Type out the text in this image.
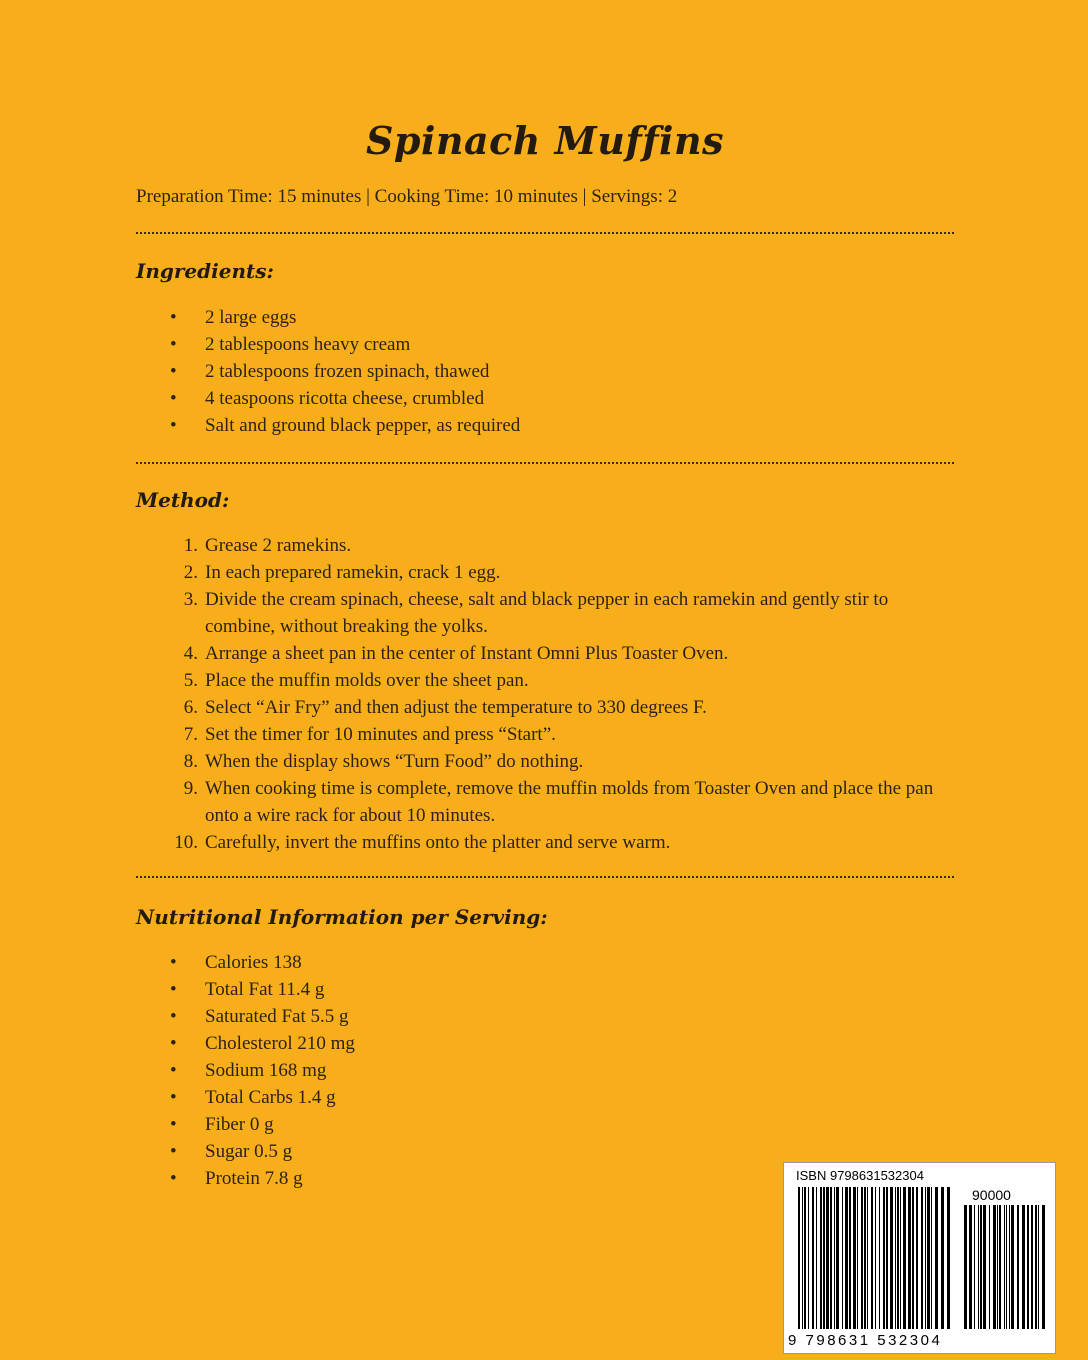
Spinach Muffins
Preparation Time: 15 minutes | Cooking Time: 10 minutes | Servings: 2
Ingredients:
• 2 large eggs
• 2 tablespoons heavy cream
• 2 tablespoons frozen spinach, thawed
• 4 teaspoons ricotta cheese, crumbled
• Salt and ground black pepper, as required
Method:
1. Grease 2 ramekins.
2. In each prepared ramekin, crack 1 egg.
3. Divide the cream spinach, cheese, salt and black pepper in each ramekin and gently stir to combine, without breaking the yolks.
4. Arrange a sheet pan in the center of Instant Omni Plus Toaster Oven.
5. Place the muffin molds over the sheet pan.
6. Select “Air Fry” and then adjust the temperature to 330 degrees F.
7. Set the timer for 10 minutes and press “Start”.
8. When the display shows “Turn Food” do nothing.
9. When cooking time is complete, remove the muffin molds from Toaster Oven and place the pan onto a wire rack for about 10 minutes.
10. Carefully, invert the muffins onto the platter and serve warm.
Nutritional Information per Serving:
• Calories 138
• Total Fat 11.4 g
• Saturated Fat 5.5 g
• Cholesterol 210 mg
• Sodium 168 mg
• Total Carbs 1.4 g
• Fiber 0 g
• Sugar 0.5 g
• Protein 7.8 g	ISBN 9798631532304
90000
9 798631 532304
